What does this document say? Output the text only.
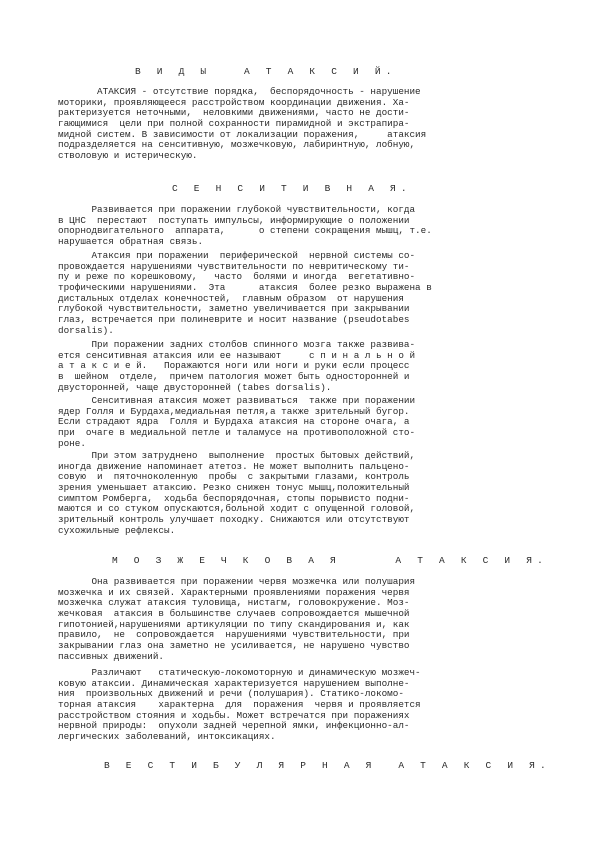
В И Д Ы   А Т А К С И Й.
АТАКСИЯ - отсутствие порядка,  беспорядочность - нарушение
моторики, проявляющееся расстройством координации движения. Ха-
рактеризуется неточными,  неловкими движениями, часто не дости-
гающимися  цели при полной сохранности пирамидной и экстрапира-
мидной систем. В зависимости от локализации поражения,     атаксия
подразделяется на сенситивную, мозжечковую, лабиринтную, лобную,
стволовую и истерическую.
С Е Н С И Т И В Н А Я.
Развивается при поражении глубокой чувствительности, когда
в ЦНС  перестают  поступать импульсы, информирующие о положении
опорнодвигательного  аппарата,      о степени сокращения мышц, т.е.
нарушается обратная связь.
Атаксия при поражении  периферической  нервной системы со-
провождается нарушениями чувствительности по невритическому ти-
пу и реже по корешковому,   часто  болями и иногда  вегетативно-
трофическими нарушениями.  Эта      атаксия  более резко выражена в
дистальных отделах конечностей,  главным образом  от нарушения
глубокой чувствительности, заметно увеличивается при закрывании
глаз, встречается при полиневрите и носит название (pseudotabes
dorsalis).
При поражении задних столбов спинного мозга также развива-
ется сенситивная атаксия или ее называют     с п и н а л ь н о й
а т а к с и е й.   Поражаются ноги или ноги и руки если процесс
в  шейном  отделе,  причем патология может быть односторонней и
двусторонней, чаще двусторонней (tabes dorsalis).
Сенситивная атаксия может развиваться  также при поражении
ядер Голля и Бурдаха,медиальная петля,а также зрительный бугор.
Если страдают ядра  Голля и Бурдаха атаксия на стороне очага, а
при  очаге в медиальной петле и таламусе на противоположной сто-
роне.
При этом затруднено  выполнение  простых бытовых действий,
иногда движение напоминает атетоз. Не может выполнить пальцено-
совую  и  пяточноколенную  пробы  с закрытыми глазами, контроль
зрения уменьшает атаксию. Резко снижен тонус мышц,положительный
симптом Ромберга,  ходьба беспорядочная, стопы порывисто подни-
маются и со стуком опускаются,больной ходит с опущенной головой,
зрительный контроль улучшает походку. Снижаются или отсутствуют
сухожильные рефлексы.
М О З Ж Е Ч К О В А Я     А Т А К С И Я.
Она развивается при поражении червя мозжечка или полушария
мозжечка и их связей. Характерными проявлениями поражения червя
мозжечка служат атаксия туловища, нистагм, головокружение. Моз-
жечковая  атаксия в большинстве случаев сопровождается мышечной
гипотонией,нарушениями артикуляции по типу скандирования и, как
правило,  не  сопровождается  нарушениями чувствительности, при
закрывании глаз она заметно не усиливается, не нарушено чувство
пассивных движений.
Различают   статическую-локомоторную и динамическую мозжеч-
ковую атаксии. Динамическая характеризуется нарушением выполне-
ния  произвольных движений и речи (полушария). Статико-локомо-
торная атаксия    характерна  для  поражения  червя и проявляется
расстройством стояния и ходьбы. Может встречатся при поражениях
нервной природы:  опухоли задней черепной ямки, инфекционно-ал-
лергических заболеваний, интоксикациях.
В Е С Т И Б У Л Я Р Н А Я  А Т А К С И Я.
